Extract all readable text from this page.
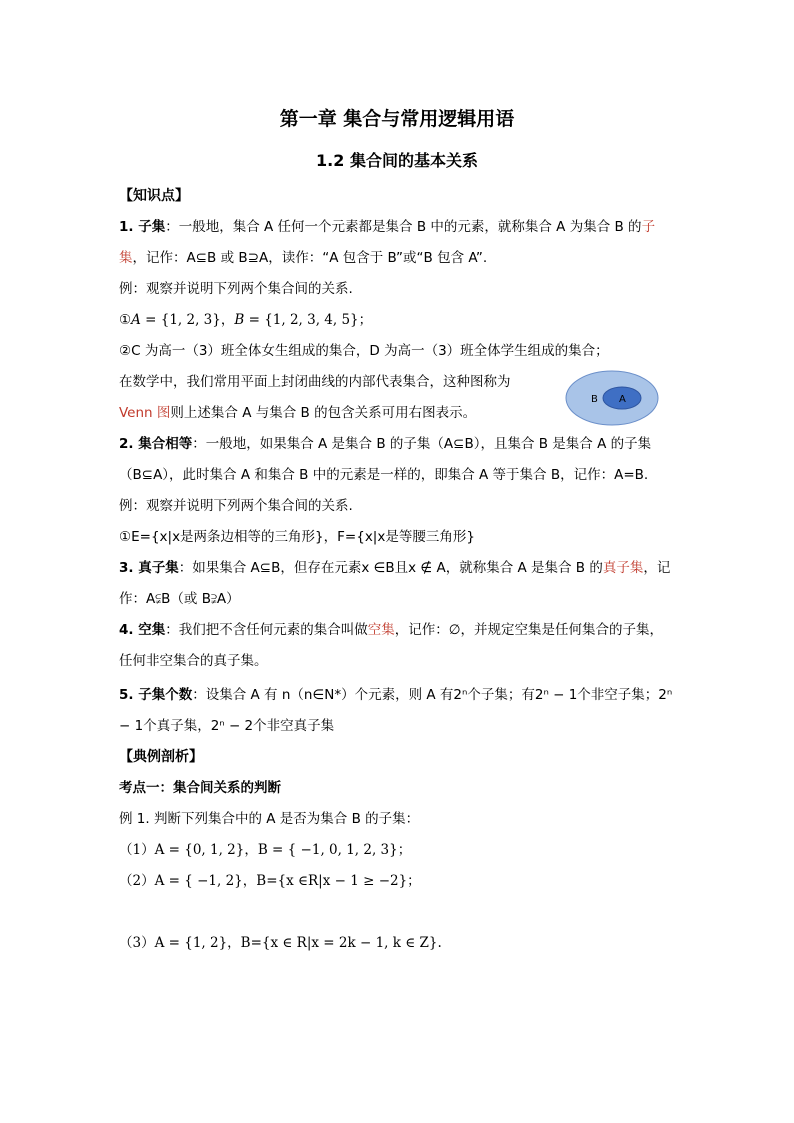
第一章 集合与常用逻辑用语
1.2 集合间的基本关系
【知识点】
1. 子集：一般地，集合 A 任何一个元素都是集合 B 中的元素，就称集合 A 为集合 B 的子
集，记作：A⊆B 或 B⊇A，读作：“A 包含于 B”或“B 包含 A”.
例：观察并说明下列两个集合间的关系.
①A = {1, 2, 3}，B = {1, 2, 3, 4, 5}；
②C 为高一（3）班全体女生组成的集合，D 为高一（3）班全体学生组成的集合；
在数学中，我们常用平面上封闭曲线的内部代表集合，这种图称为
Venn 图则上述集合 A 与集合 B 的包含关系可用右图表示。
B A
2. 集合相等：一般地，如果集合 A 是集合 B 的子集（A⊆B），且集合 B 是集合 A 的子集
（B⊆A），此时集合 A 和集合 B 中的元素是一样的，即集合 A 等于集合 B，记作：A=B.
例：观察并说明下列两个集合间的关系.
①E={x|x是两条边相等的三角形}，F={x|x是等腰三角形}
3. 真子集：如果集合 A⊆B，但存在元素x ∈B且x ∉ A，就称集合 A 是集合 B 的真子集，记
作：A⫋B（或 B⫌A）
4. 空集：我们把不含任何元素的集合叫做空集，记作：∅，并规定空集是任何集合的子集，
任何非空集合的真子集。
5. 子集个数：设集合 A 有 n（n∈N*）个元素，则 A 有2ⁿ个子集；有2ⁿ − 1个非空子集；2ⁿ
− 1个真子集，2ⁿ − 2个非空真子集
【典例剖析】
考点一：集合间关系的判断
例 1. 判断下列集合中的 A 是否为集合 B 的子集：
（1）A = {0, 1, 2}，B = { −1, 0, 1, 2, 3}；
（2）A = { −1, 2}，B={x ∈R|x − 1 ≥ −2}；
（3）A = {1, 2}，B={x ∈ R|x = 2k − 1, k ∈ Z}.
